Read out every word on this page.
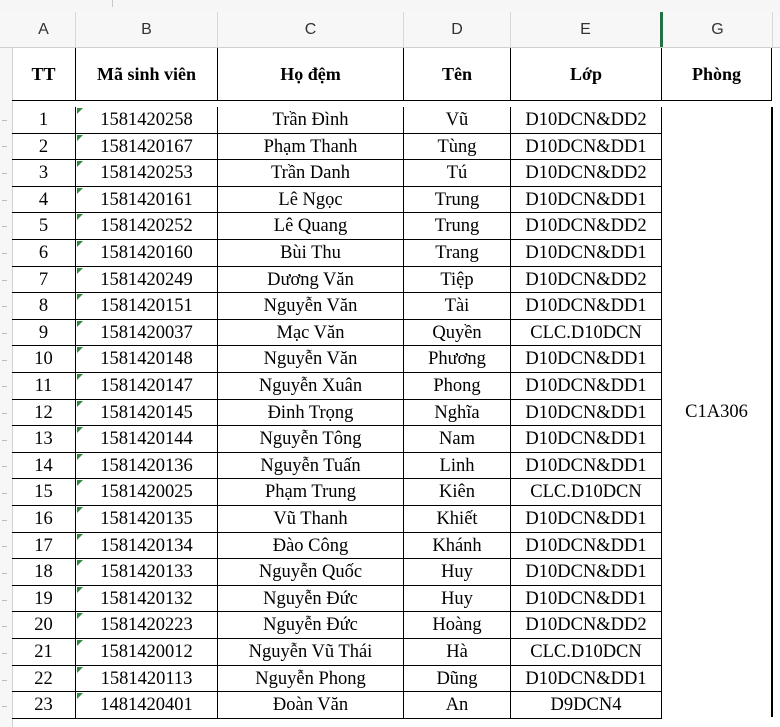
A	B	C	D	E	G
TT	Mã sinh viên	Họ đệm	Tên	Lớp	Phòng
C1A306
1	1581420258	Trần Đình	Vũ	D10DCN&DD2
2	1581420167	Phạm Thanh	Tùng	D10DCN&DD1
3	1581420253	Trần Danh	Tú	D10DCN&DD2
4	1581420161	Lê Ngọc	Trung	D10DCN&DD1
5	1581420252	Lê Quang	Trung	D10DCN&DD2
6	1581420160	Bùi Thu	Trang	D10DCN&DD1
7	1581420249	Dương Văn	Tiệp	D10DCN&DD2
8	1581420151	Nguyễn Văn	Tài	D10DCN&DD1
9	1581420037	Mạc Văn	Quyền	CLC.D10DCN
10	1581420148	Nguyễn Văn	Phương	D10DCN&DD1
11	1581420147	Nguyễn Xuân	Phong	D10DCN&DD1
12	1581420145	Đinh Trọng	Nghĩa	D10DCN&DD1
13	1581420144	Nguyễn Tông	Nam	D10DCN&DD1
14	1581420136	Nguyễn Tuấn	Linh	D10DCN&DD1
15	1581420025	Phạm Trung	Kiên	CLC.D10DCN
16	1581420135	Vũ Thanh	Khiết	D10DCN&DD1
17	1581420134	Đào Công	Khánh	D10DCN&DD1
18	1581420133	Nguyễn Quốc	Huy	D10DCN&DD1
19	1581420132	Nguyễn Đức	Huy	D10DCN&DD1
20	1581420223	Nguyễn Đức	Hoàng	D10DCN&DD2
21	1581420012	Nguyễn Vũ Thái	Hà	CLC.D10DCN
22	1581420113	Nguyễn Phong	Dũng	D10DCN&DD1
23	1481420401	Đoàn Văn	An	D9DCN4
